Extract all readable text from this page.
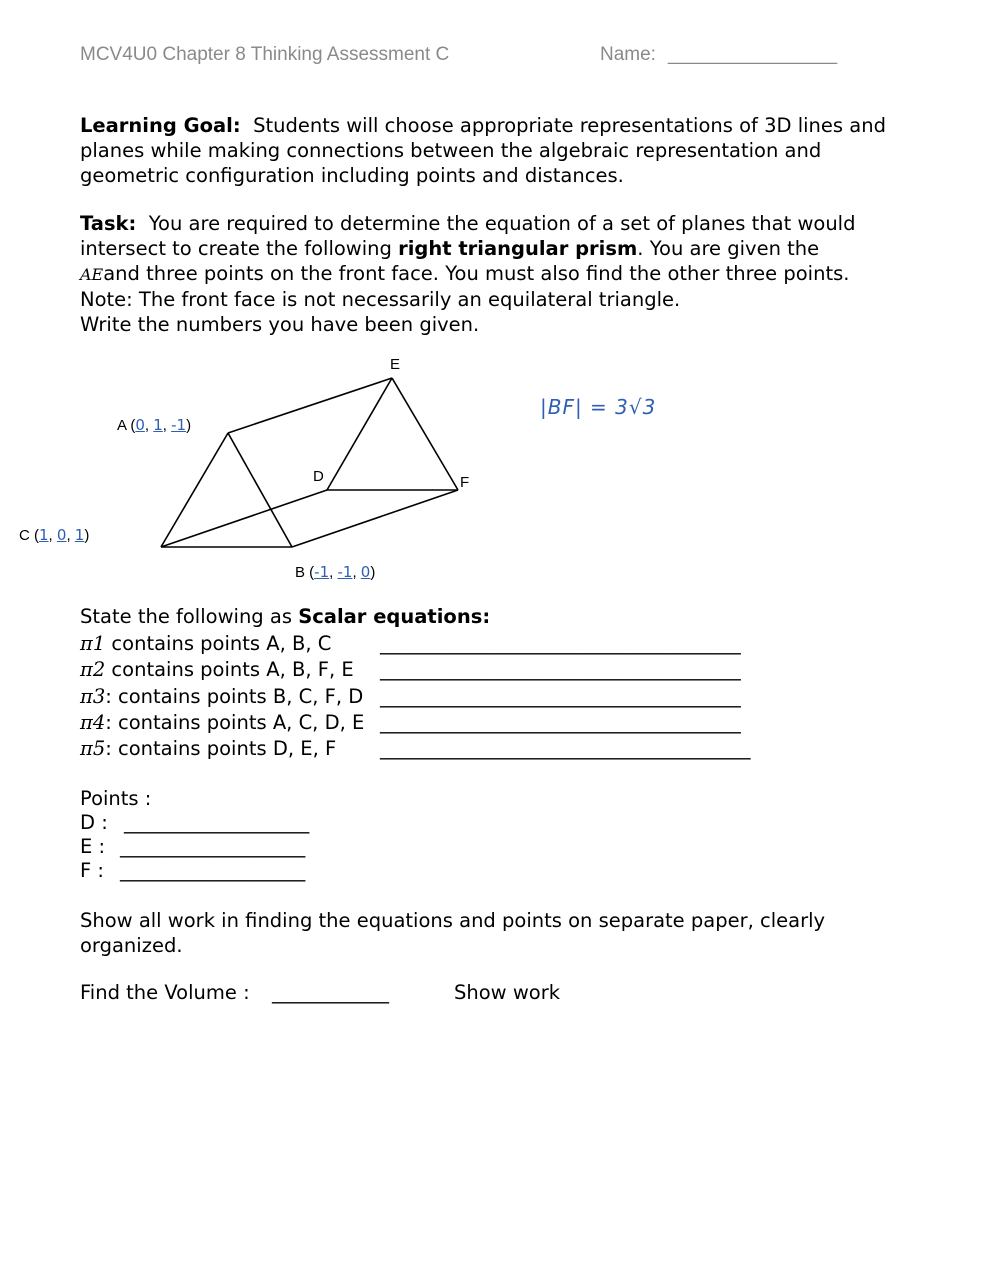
MCV4U0 Chapter 8 Thinking Assessment C	Name: ________________
Learning Goal: Students will choose appropriate representations of 3D lines and
planes while making connections between the algebraic representation and
geometric configuration including points and distances.
Task: You are required to determine the equation of a set of planes that would
intersect to create the following right triangular prism. You are given the
AEand three points on the front face. You must also find the other three points.
Note: The front face is not necessarily an equilateral triangle.
Write the numbers you have been given.
E
D	F
A (0, 1, -1)
C (1, 0, 1)
B (-1, -1, 0)
|BF| = 3√3
State the following as Scalar equations:
π1 contains points A, B, C _____________________________________
π2 contains points A, B, F, E _____________________________________
π3: contains points B, C, F, D _____________________________________
π4: contains points A, C, D, E _____________________________________
π5: contains points D, E, F ______________________________________
Points :
D : ___________________
E : ___________________
F : ___________________
Show all work in finding the equations and points on separate paper, clearly
organized.
Find the Volume : ____________	Show work
